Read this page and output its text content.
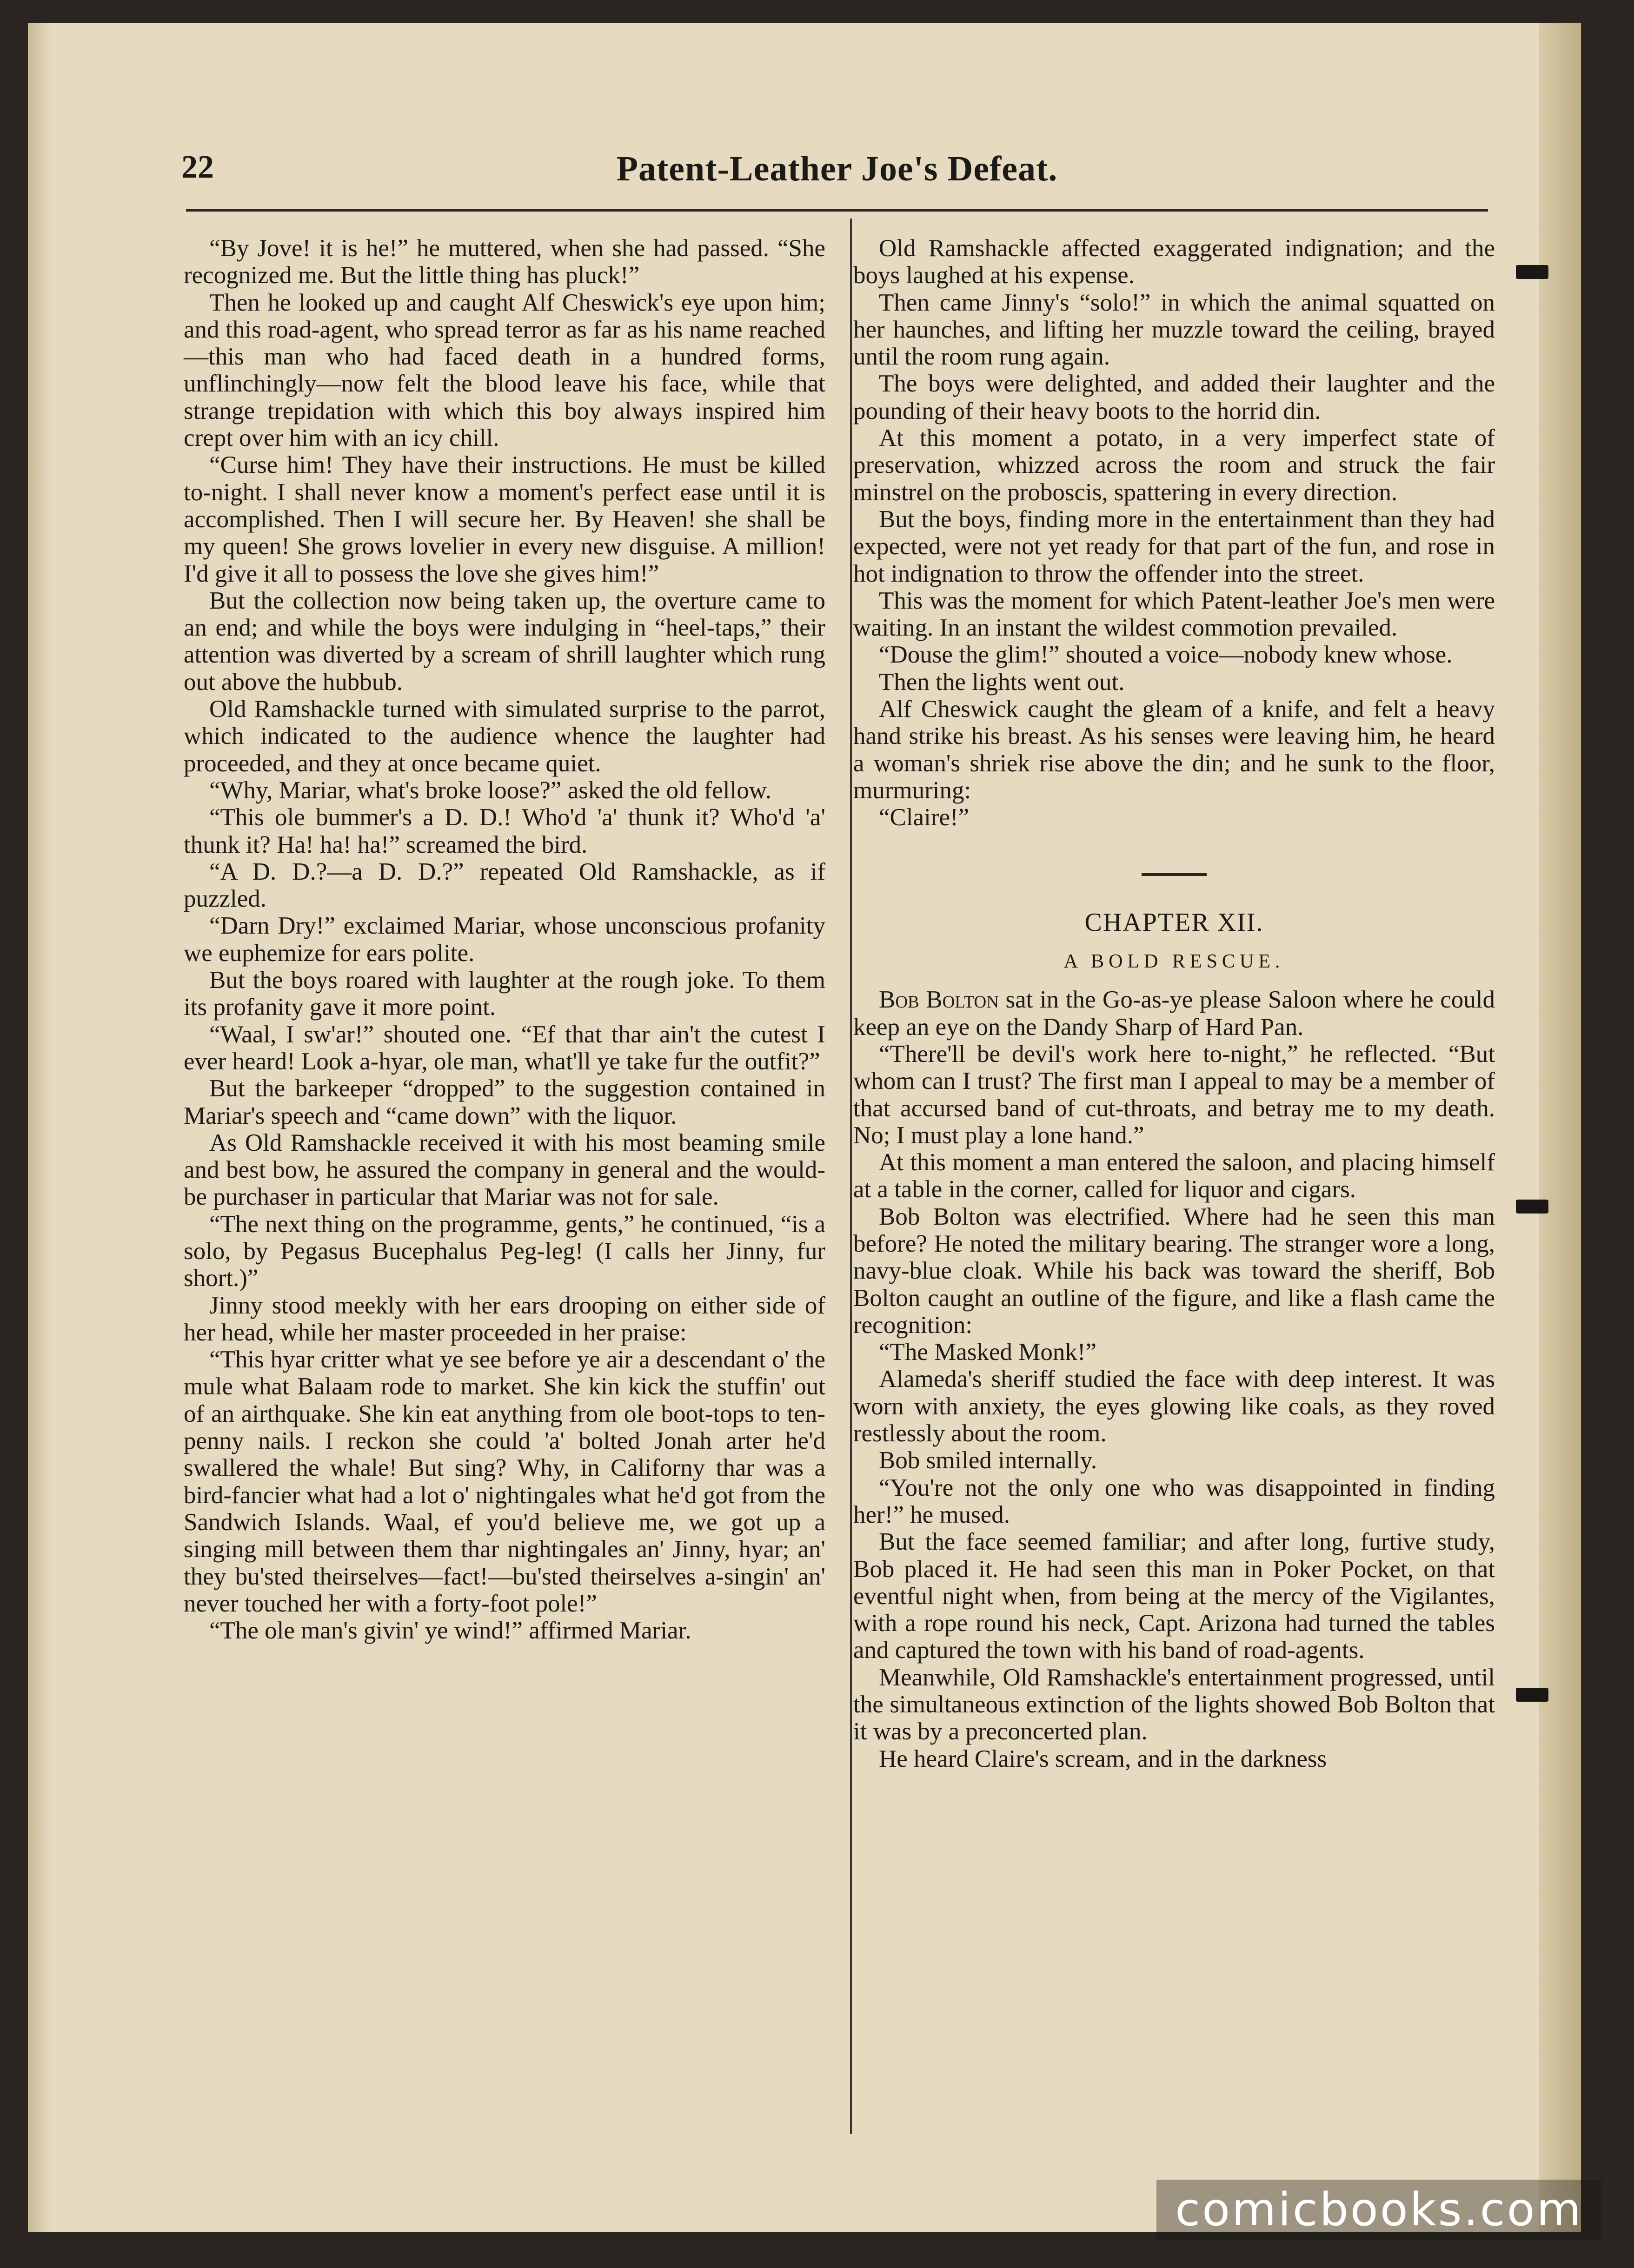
22	Patent-Leather Joe's Defeat.

“By Jove! it is he!” he muttered, when she had passed. “She recognized me. But the little thing has pluck!”

Then he looked up and caught Alf Cheswick's eye upon him; and this road-agent, who spread terror as far as his name reached—this man who had faced death in a hundred forms, unflinchingly—now felt the blood leave his face, while that strange trepidation with which this boy always inspired him crept over him with an icy chill.

“Curse him! They have their instructions. He must be killed to-night. I shall never know a moment's perfect ease until it is accomplished. Then I will secure her. By Heaven! she shall be my queen! She grows lovelier in every new disguise. A million! I'd give it all to possess the love she gives him!”

But the collection now being taken up, the overture came to an end; and while the boys were indulging in “heel-taps,” their attention was diverted by a scream of shrill laughter which rung out above the hubbub.

Old Ramshackle turned with simulated surprise to the parrot, which indicated to the audience whence the laughter had proceeded, and they at once became quiet.

“Why, Mariar, what's broke loose?” asked the old fellow.

“This ole bummer's a D. D.! Who'd 'a' thunk it? Who'd 'a' thunk it? Ha! ha! ha!” screamed the bird.

“A D. D.?—a D. D.?” repeated Old Ramshackle, as if puzzled.

“Darn Dry!” exclaimed Mariar, whose unconscious profanity we euphemize for ears polite.

But the boys roared with laughter at the rough joke. To them its profanity gave it more point.

“Waal, I sw'ar!” shouted one. “Ef that thar ain't the cutest I ever heard! Look a-hyar, ole man, what'll ye take fur the outfit?”

But the barkeeper “dropped” to the suggestion contained in Mariar's speech and “came down” with the liquor.

As Old Ramshackle received it with his most beaming smile and best bow, he assured the company in general and the would-be purchaser in particular that Mariar was not for sale.

“The next thing on the programme, gents,” he continued, “is a solo, by Pegasus Bucephalus Peg-leg! (I calls her Jinny, fur short.)”

Jinny stood meekly with her ears drooping on either side of her head, while her master proceeded in her praise:

“This hyar critter what ye see before ye air a descendant o' the mule what Balaam rode to market. She kin kick the stuffin' out of an airthquake. She kin eat anything from ole boot-tops to ten-penny nails. I reckon she could 'a' bolted Jonah arter he'd swallered the whale! But sing? Why, in Californy thar was a bird-fancier what had a lot o' nightingales what he'd got from the Sandwich Islands. Waal, ef you'd believe me, we got up a singing mill between them thar nightingales an' Jinny, hyar; an' they bu'sted theirselves—fact!—bu'sted theirselves a-singin' an' never touched her with a forty-foot pole!”

“The ole man's givin' ye wind!” affirmed Mariar.

Old Ramshackle affected exaggerated indignation; and the boys laughed at his expense.

Then came Jinny's “solo!” in which the animal squatted on her haunches, and lifting her muzzle toward the ceiling, brayed until the room rung again.

The boys were delighted, and added their laughter and the pounding of their heavy boots to the horrid din.

At this moment a potato, in a very imperfect state of preservation, whizzed across the room and struck the fair minstrel on the proboscis, spattering in every direction.

But the boys, finding more in the entertainment than they had expected, were not yet ready for that part of the fun, and rose in hot indignation to throw the offender into the street.

This was the moment for which Patent-leather Joe's men were waiting. In an instant the wildest commotion prevailed.

“Douse the glim!” shouted a voice—nobody knew whose.

Then the lights went out.

Alf Cheswick caught the gleam of a knife, and felt a heavy hand strike his breast. As his senses were leaving him, he heard a woman's shriek rise above the din; and he sunk to the floor, murmuring:

“Claire!”

CHAPTER XII.
A BOLD RESCUE.

Bob Bolton sat in the Go-as-ye please Saloon where he could keep an eye on the Dandy Sharp of Hard Pan.

“There'll be devil's work here to-night,” he reflected. “But whom can I trust? The first man I appeal to may be a member of that accursed band of cut-throats, and betray me to my death. No; I must play a lone hand.”

At this moment a man entered the saloon, and placing himself at a table in the corner, called for liquor and cigars.

Bob Bolton was electrified. Where had he seen this man before? He noted the military bearing. The stranger wore a long, navy-blue cloak. While his back was toward the sheriff, Bob Bolton caught an outline of the figure, and like a flash came the recognition:

“The Masked Monk!”

Alameda's sheriff studied the face with deep interest. It was worn with anxiety, the eyes glowing like coals, as they roved restlessly about the room.

Bob smiled internally.

“You're not the only one who was disappointed in finding her!” he mused.

But the face seemed familiar; and after long, furtive study, Bob placed it. He had seen this man in Poker Pocket, on that eventful night when, from being at the mercy of the Vigilantes, with a rope round his neck, Capt. Arizona had turned the tables and captured the town with his band of road-agents.

Meanwhile, Old Ramshackle's entertainment progressed, until the simultaneous extinction of the lights showed Bob Bolton that it was by a preconcerted plan.

He heard Claire's scream, and in the darkness

comicbooks.com
